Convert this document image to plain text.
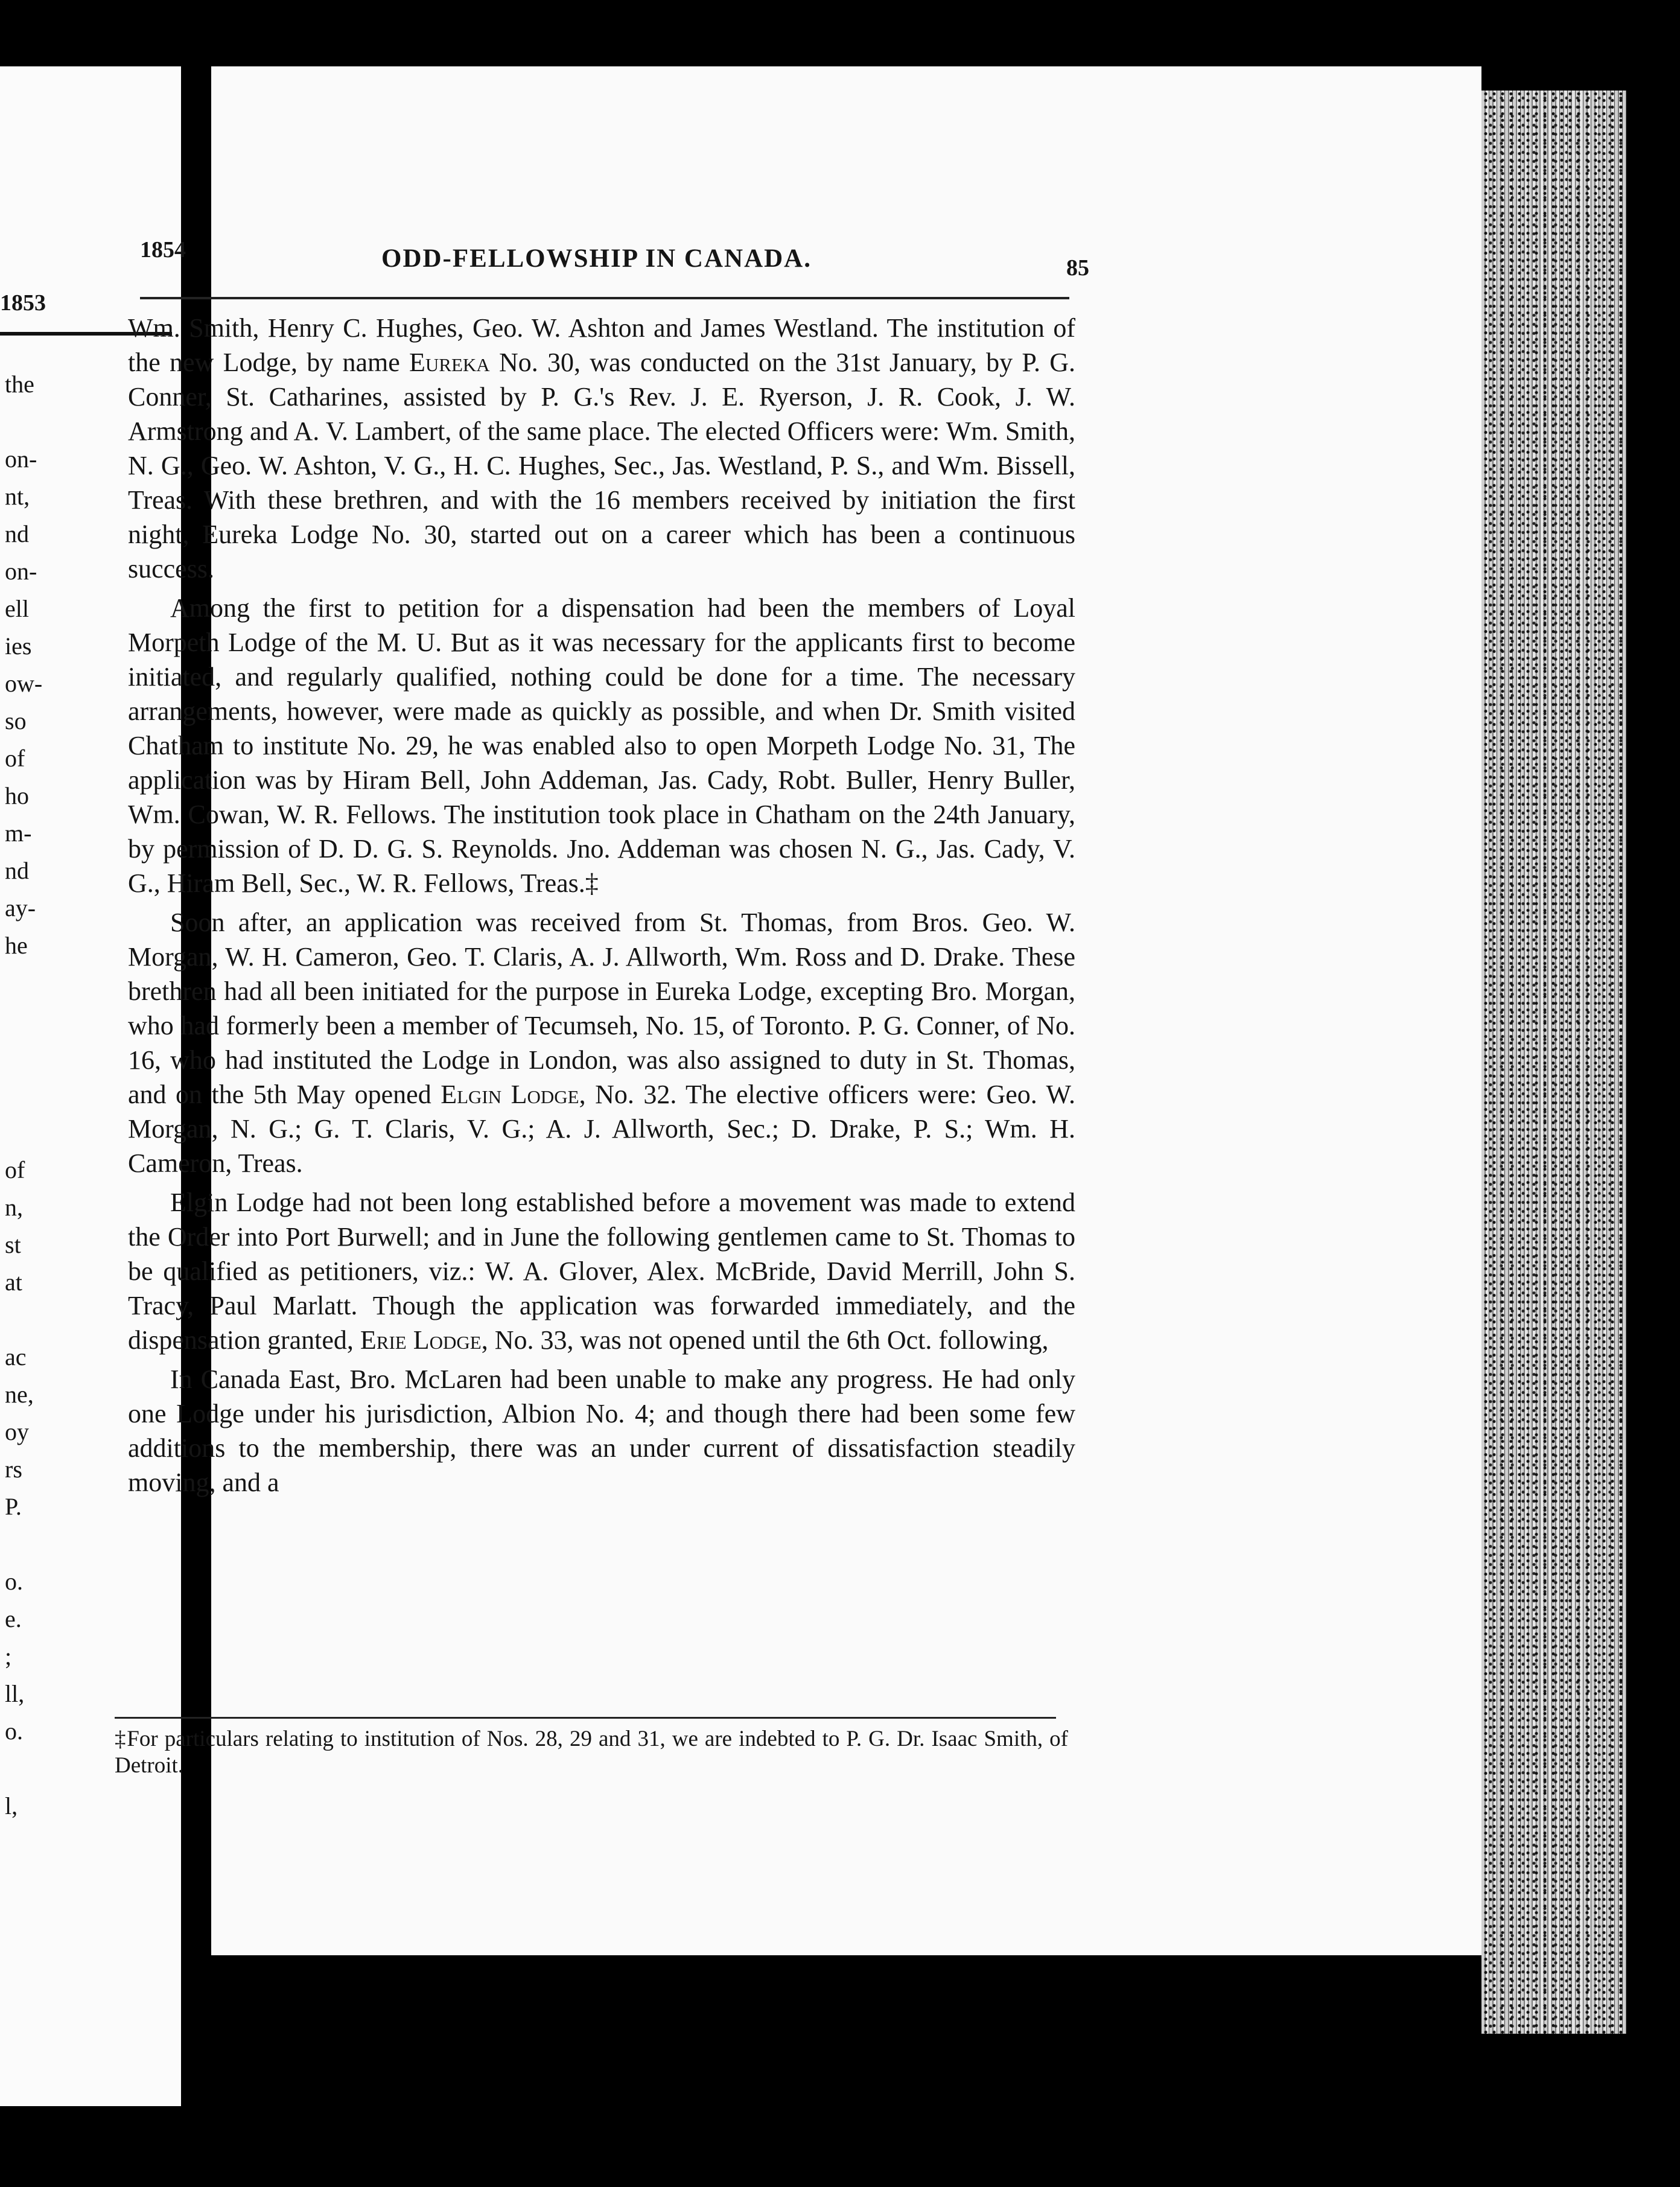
1853
the
on-
nt,
nd
on-
ell
ies
ow-
so
of
ho
m-
nd
ay-
he
of
n,
st
at
ac
ne,
oy
rs
P.
o.
e.
;
ll,
o.
l,
1854	ODD-FELLOWSHIP IN CANADA.	85

Wm. Smith, Henry C. Hughes, Geo. W. Ashton and James Westland. The institution of the new Lodge, by name Eureka No. 30, was conducted on the 31st January, by P. G. Conner, St. Catharines, assisted by P. G.'s Rev. J. E. Ryerson, J. R. Cook, J. W. Armstrong and A. V. Lambert, of the same place. The elected Officers were: Wm. Smith, N. G., Geo. W. Ashton, V. G., H. C. Hughes, Sec., Jas. Westland, P. S., and Wm. Bissell, Treas. With these brethren, and with the 16 members received by initiation the first night, Eureka Lodge No. 30, started out on a career which has been a continuous success.

Among the first to petition for a dispensation had been the members of Loyal Morpeth Lodge of the M. U. But as it was necessary for the applicants first to become initiated, and regularly qualified, nothing could be done for a time. The necessary arrangements, however, were made as quickly as possible, and when Dr. Smith visited Chatham to institute No. 29, he was enabled also to open Morpeth Lodge No. 31, The application was by Hiram Bell, John Addeman, Jas. Cady, Robt. Buller, Henry Buller, Wm. Cowan, W. R. Fellows. The institution took place in Chatham on the 24th January, by permission of D. D. G. S. Reynolds. Jno. Addeman was chosen N. G., Jas. Cady, V. G., Hiram Bell, Sec., W. R. Fellows, Treas.‡

Soon after, an application was received from St. Thomas, from Bros. Geo. W. Morgan, W. H. Cameron, Geo. T. Claris, A. J. Allworth, Wm. Ross and D. Drake. These brethren had all been initiated for the purpose in Eureka Lodge, excepting Bro. Morgan, who had formerly been a member of Tecumseh, No. 15, of Toronto. P. G. Conner, of No. 16, who had instituted the Lodge in London, was also assigned to duty in St. Thomas, and on the 5th May opened Elgin Lodge, No. 32. The elective officers were: Geo. W. Morgan, N. G.; G. T. Claris, V. G.; A. J. Allworth, Sec.; D. Drake, P. S.; Wm. H. Cameron, Treas.

Elgin Lodge had not been long established before a movement was made to extend the Order into Port Burwell; and in June the following gentlemen came to St. Thomas to be qualified as petitioners, viz.: W. A. Glover, Alex. McBride, David Merrill, John S. Tracy, Paul Marlatt. Though the application was forwarded immediately, and the dispensation granted, Erie Lodge, No. 33, was not opened until the 6th Oct. following,

In Canada East, Bro. McLaren had been unable to make any progress. He had only one Lodge under his jurisdiction, Albion No. 4; and though there had been some few additions to the membership, there was an under current of dissatisfaction steadily moving, and a

‡For particulars relating to institution of Nos. 28, 29 and 31, we are indebted to P. G. Dr. Isaac Smith, of Detroit.
